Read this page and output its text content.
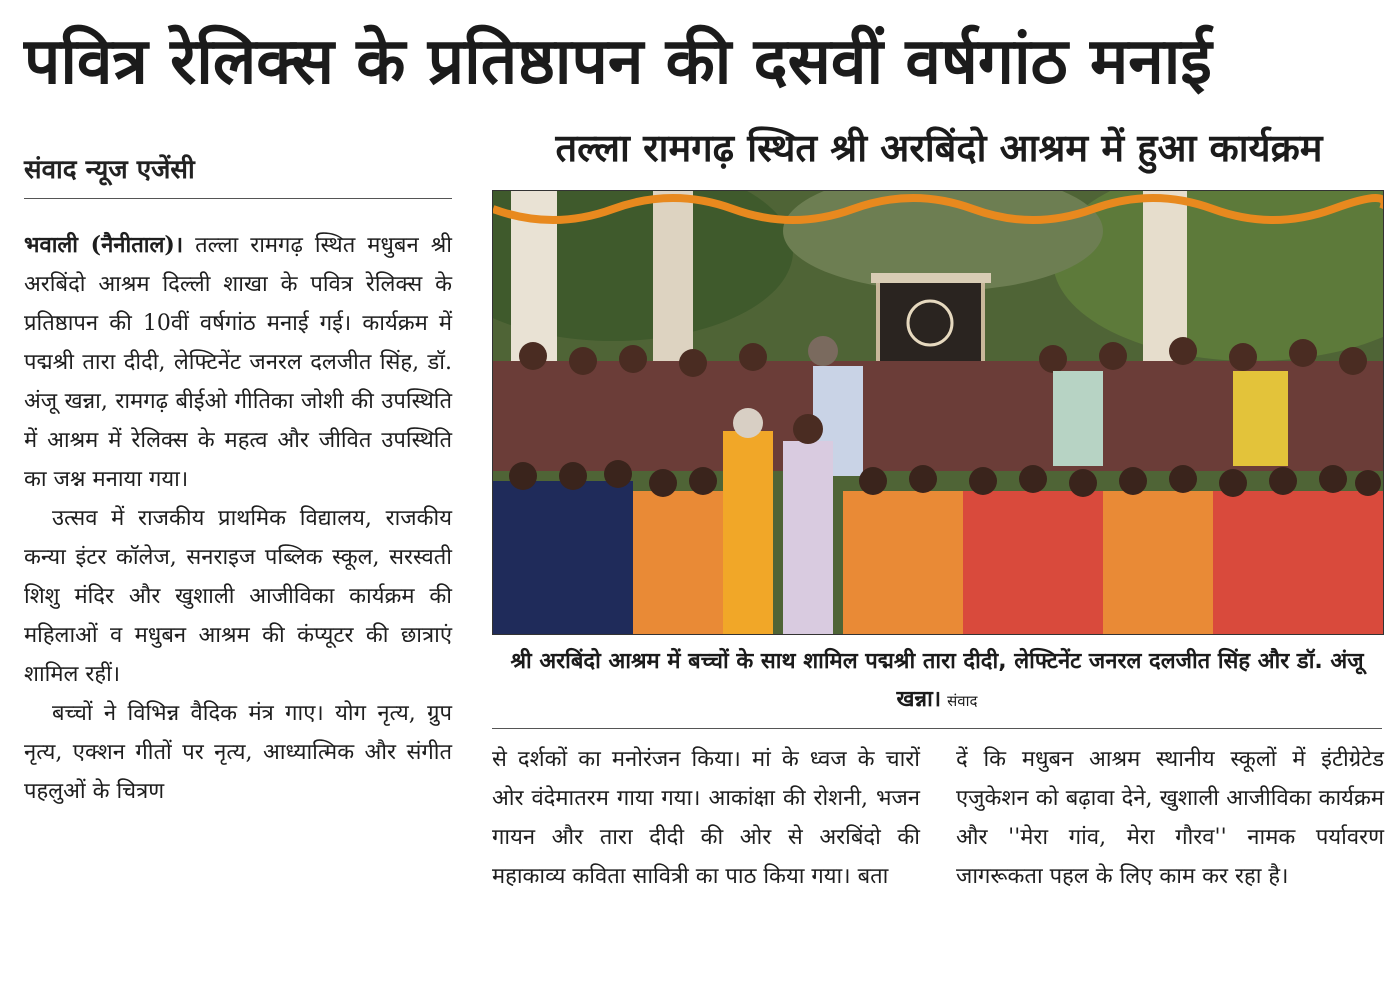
पवित्र रेलिक्स के प्रतिष्ठापन की दसवीं वर्षगांठ मनाई
संवाद न्यूज एजेंसी	तल्ला रामगढ़ स्थित श्री अरबिंदो आश्रम में हुआ कार्यक्रम

भवाली (नैनीताल)। तल्ला रामगढ़ स्थित मधुबन श्री अरबिंदो आश्रम दिल्ली शाखा के पवित्र रेलिक्स के प्रतिष्ठापन की 10वीं वर्षगांठ मनाई गई। कार्यक्रम में पद्मश्री तारा दीदी, लेफ्टिनेंट जनरल दलजीत सिंह, डॉ. अंजू खन्ना, रामगढ़ बीईओ गीतिका जोशी की उपस्थिति में आश्रम में रेलिक्स के महत्व और जीवित उपस्थिति का जश्न मनाया गया।

उत्सव में राजकीय प्राथमिक विद्यालय, राजकीय कन्या इंटर कॉलेज, सनराइज पब्लिक स्कूल, सरस्वती शिशु मंदिर और खुशाली आजीविका कार्यक्रम की महिलाओं व मधुबन आश्रम की कंप्यूटर की छात्राएं शामिल रहीं।

बच्चों ने विभिन्न वैदिक मंत्र गाए। योग नृत्य, ग्रुप नृत्य, एक्शन गीतों पर नृत्य, आध्यात्मिक और संगीत पहलुओं के चित्रण

श्री अरबिंदो आश्रम में बच्चों के साथ शामिल पद्मश्री तारा दीदी, लेफ्टिनेंट जनरल दलजीत सिंह और डॉ. अंजू खन्ना। संवाद

से दर्शकों का मनोरंजन किया। मां के ध्वज के चारों ओर वंदेमातरम गाया गया। आकांक्षा की रोशनी, भजन गायन और तारा दीदी की ओर से अरबिंदो की महाकाव्य कविता सावित्री का पाठ किया गया। बता

दें कि मधुबन आश्रम स्थानीय स्कूलों में इंटीग्रेटेड एजुकेशन को बढ़ावा देने, खुशाली आजीविका कार्यक्रम और ''मेरा गांव, मेरा गौरव'' नामक पर्यावरण जागरूकता पहल के लिए काम कर रहा है।
